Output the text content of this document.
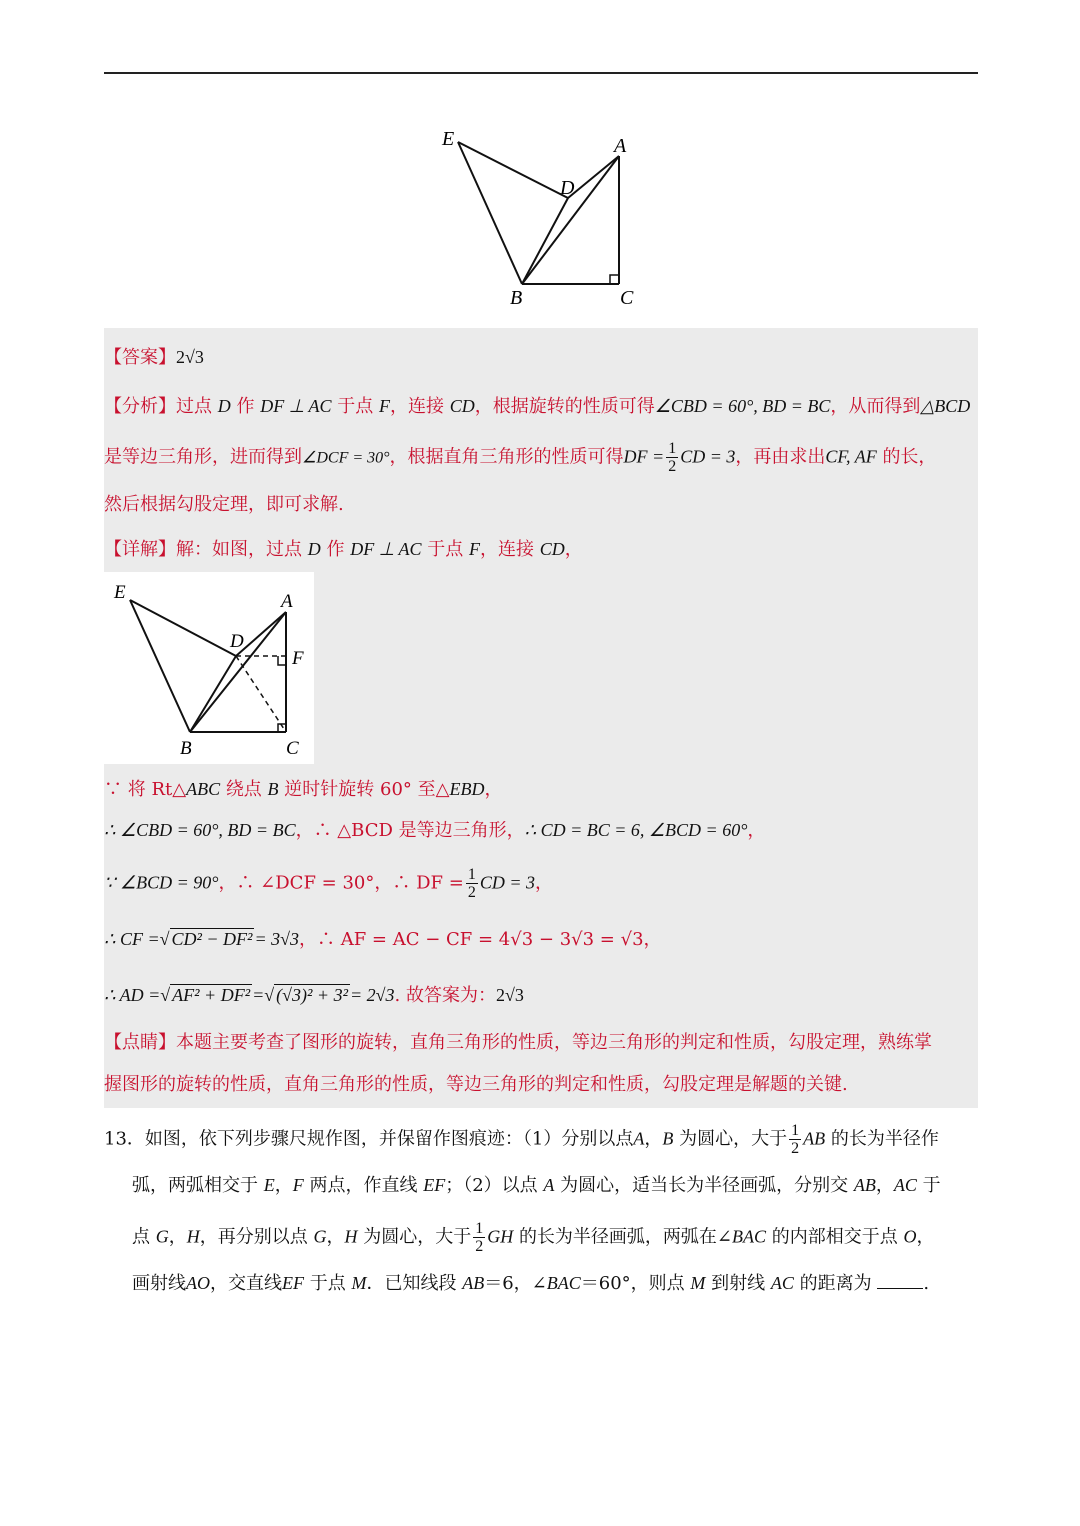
E	A
D
B	C
【答案】2√3
【分析】过点 D 作 DF ⊥ AC 于点 F，连接 CD，根据旋转的性质可得∠CBD = 60°, BD = BC，从而得到△BCD
是等边三角形，进而得到∠DCF = 30°，根据直角三角形的性质可得DF = $\frac{1}{2}$ CD = 3，再由求出CF, AF 的长，
然后根据勾股定理，即可求解.
【详解】解：如图，过点 D 作 DF ⊥ AC 于点 F，连接 CD，
E	A
D
F
B	C
∵ 将 Rt△ABC 绕点 B 逆时针旋转 60° 至△EBD，
∴ ∠CBD = 60°, BD = BC，∴ △BCD 是等边三角形，∴ CD = BC = 6, ∠BCD = 60°，
∵ ∠BCD = 90°，∴ ∠DCF = 30°，∴ DF = $\frac{1}{2}$ CD = 3，
∴ CF =√ CD² − DF² = 3√3，∴ AF = AC − CF = 4√3 − 3√3 = √3，
∴ AD =√ AF² + DF² =√ (√3)² + 3² = 2√3. 故答案为：2√3
【点睛】本题主要考查了图形的旋转，直角三角形的性质，等边三角形的判定和性质，勾股定理，熟练掌
握图形的旋转的性质，直角三角形的性质，等边三角形的判定和性质，勾股定理是解题的关键.
13．如图，依下列步骤尺规作图，并保留作图痕迹：（1）分别以点A，B 为圆心，大于 $\frac{1}{2}$ AB 的长为半径作
弧，两弧相交于 E，F 两点，作直线 EF；（2）以点 A 为圆心，适当长为半径画弧，分别交 AB，AC 于
点 G，H，再分别以点 G，H 为圆心，大于 $\frac{1}{2}$ GH 的长为半径画弧，两弧在∠BAC 的内部相交于点 O，
画射线AO，交直线EF 于点 M．已知线段 AB＝6，∠BAC＝60°，则点 M 到射线 AC 的距离为	.
